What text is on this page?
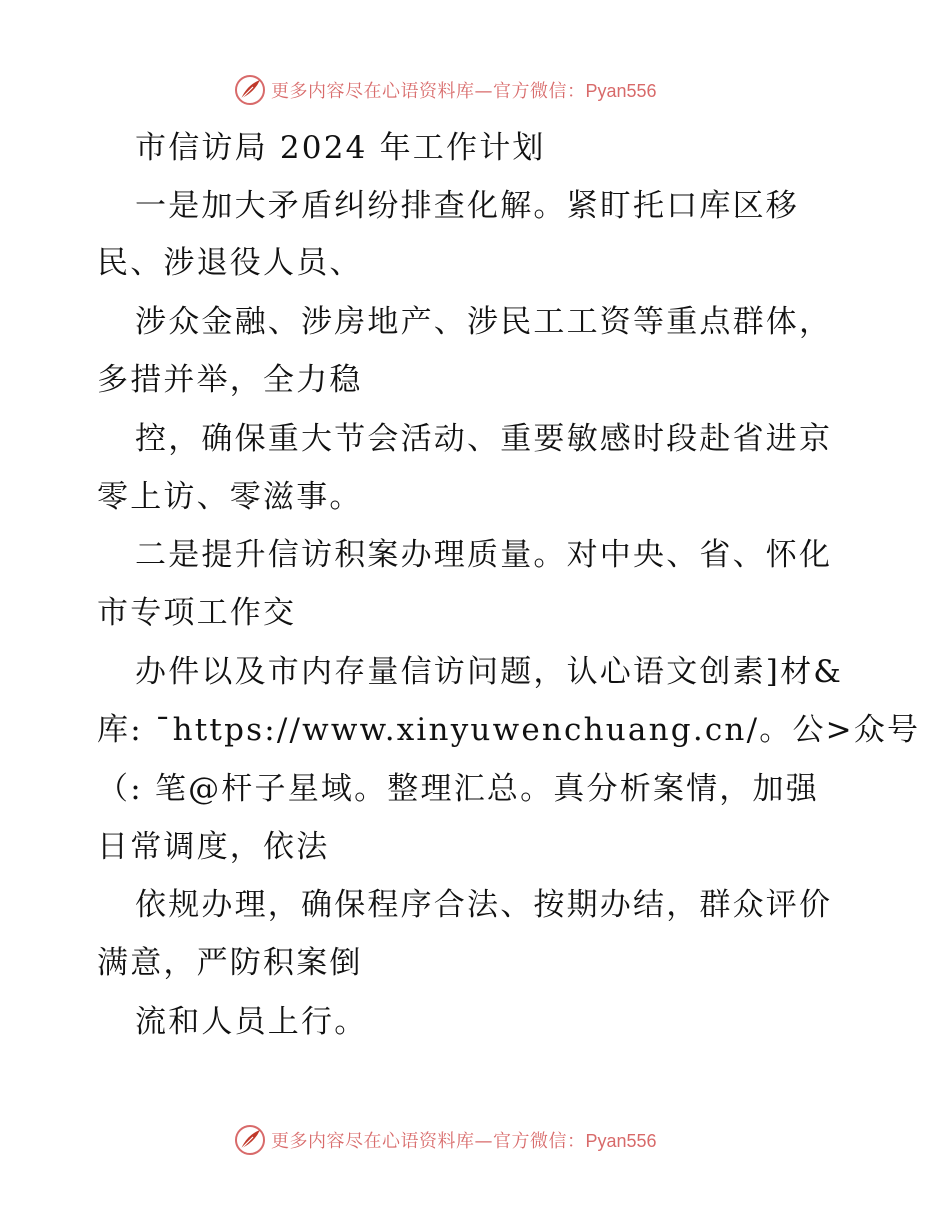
更多内容尽在心语资料库—官方微信：Pyan556
市信访局 2024 年工作计划
一是加大矛盾纠纷排查化解。紧盯托口库区移
民、涉退役人员、
涉众金融、涉房地产、涉民工工资等重点群体，
多措并举，全力稳
控，确保重大节会活动、重要敏感时段赴省进京
零上访、零滋事。
二是提升信访积案办理质量。对中央、省、怀化
市专项工作交
办件以及市内存量信访问题，认心语文创素]材&
库: ¯https://www.xinyuwenchuang.cn/。公>众号
（: 笔@杆子星域。整理汇总。真分析案情，加强
日常调度，依法
依规办理，确保程序合法、按期办结，群众评价
满意，严防积案倒
流和人员上行。
更多内容尽在心语资料库—官方微信：Pyan556
